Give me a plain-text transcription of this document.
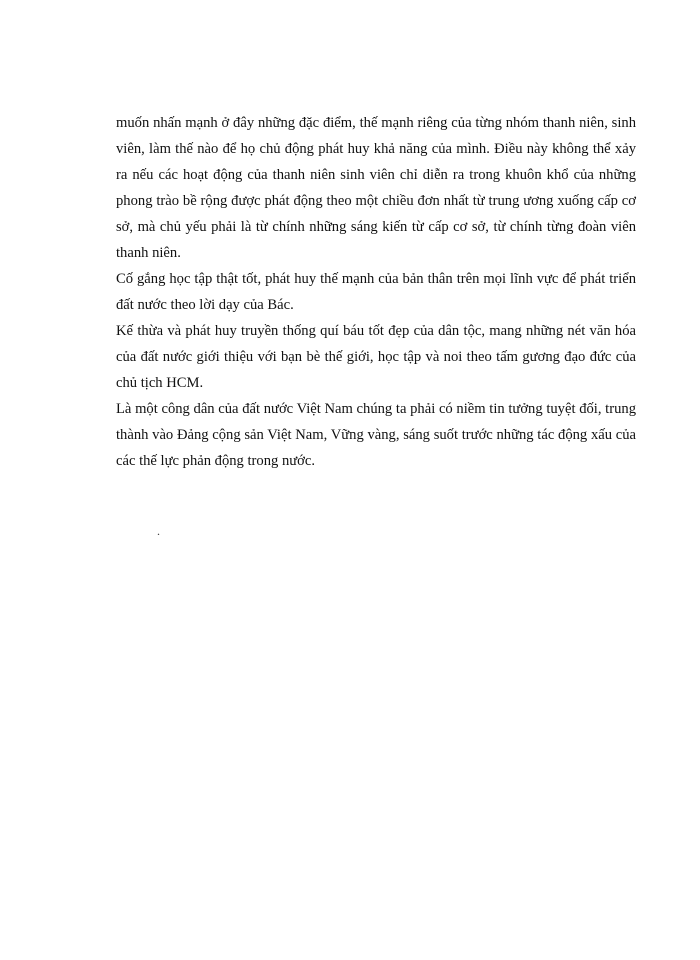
muốn nhấn mạnh ở đây những đặc điểm, thế mạnh riêng của từng nhóm thanh niên, sinh viên, làm thế nào để họ chủ động phát huy khả năng của mình. Điều này không thể xảy ra nếu các hoạt động của thanh niên sinh viên chỉ diễn ra trong khuôn khổ của những phong trào bề rộng được phát động theo một chiều đơn nhất từ trung ương xuống cấp cơ sở, mà chủ yếu phải là từ chính những sáng kiến từ cấp cơ sở, từ chính từng đoàn viên thanh niên.

Cố gắng học tập thật tốt, phát huy thế mạnh của bản thân trên mọi lĩnh vực để phát triển đất nước theo lời dạy của Bác.

Kế thừa và phát huy truyền thống quí báu tốt đẹp của dân tộc, mang những nét văn hóa của đất nước giới thiệu với bạn bè thế giới, học tập và noi theo tấm gương đạo đức của chủ tịch HCM.

Là một công dân của đất nước Việt Nam chúng ta phải có niềm tin tưởng tuyệt đối, trung thành vào Đảng cộng sản Việt Nam, Vững vàng, sáng suốt trước những tác động xấu của các thế lực phản động trong nước.

.
